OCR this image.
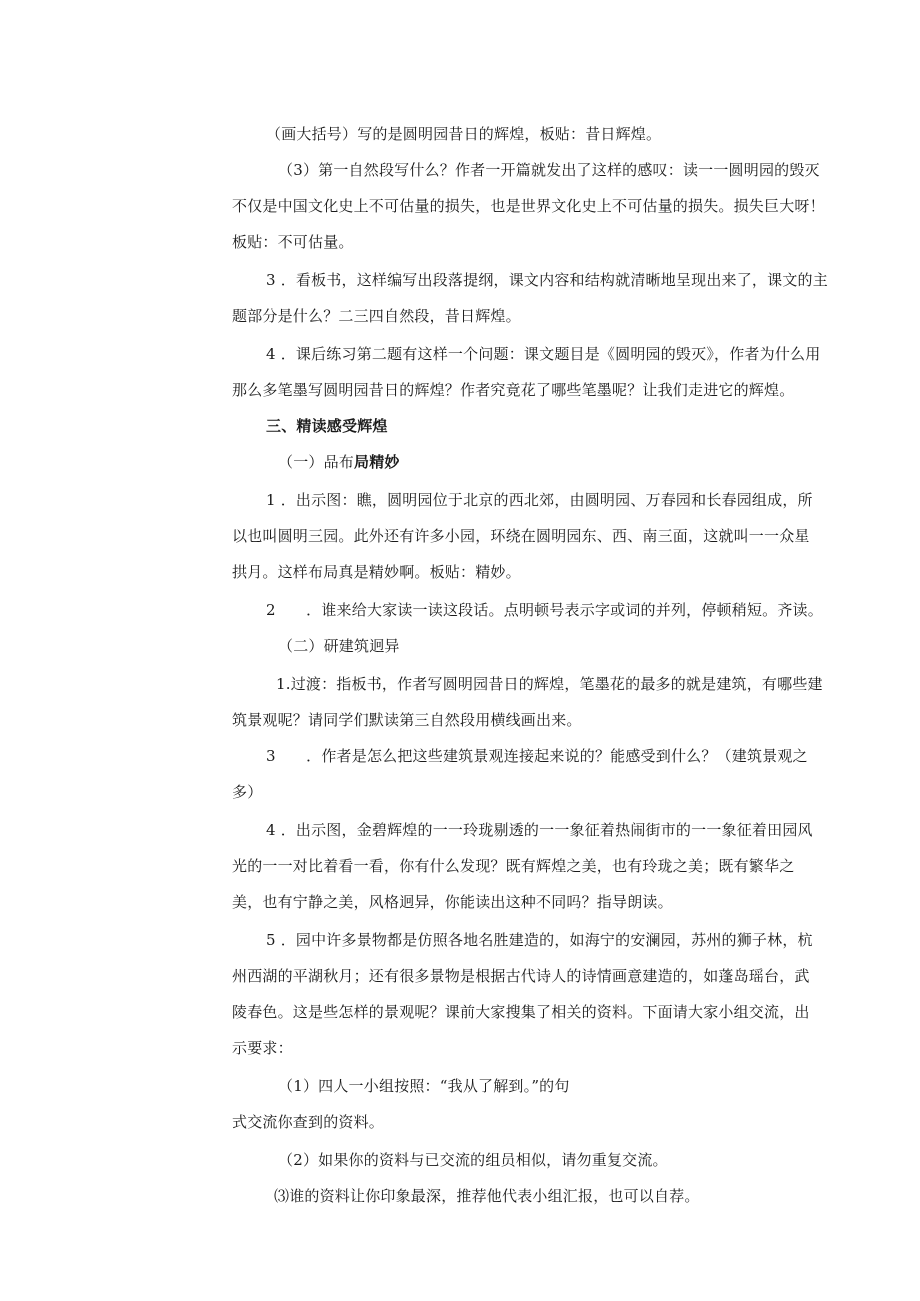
（画大括号）写的是圆明园昔日的辉煌，板贴：昔日辉煌。
（3）第一自然段写什么？作者一开篇就发出了这样的感叹：读一一圆明园的毁灭
不仅是中国文化史上不可估量的损失，也是世界文化史上不可估量的损失。损失巨大呀！
板贴：不可估量。
3 ．看板书，这样编写出段落提纲，课文内容和结构就清晰地呈现出来了，课文的主
题部分是什么？二三四自然段，昔日辉煌。
4 ．课后练习第二题有这样一个问题：课文题目是《圆明园的毁灭》，作者为什么用
那么多笔墨写圆明园昔日的辉煌？作者究竟花了哪些笔墨呢？让我们走进它的辉煌。
三、精读感受辉煌
（一）品布局精妙
1 ．出示图：瞧，圆明园位于北京的西北郊，由圆明园、万春园和长春园组成，所
以也叫圆明三园。此外还有许多小园，环绕在圆明园东、西、南三面，这就叫一一众星
拱月。这样布局真是精妙啊。板贴：精妙。
2　　．谁来给大家读一读这段话。点明顿号表示字或词的并列，停顿稍短。齐读。
（二）研建筑迥异
1.过渡：指板书，作者写圆明园昔日的辉煌，笔墨花的最多的就是建筑，有哪些建
筑景观呢？请同学们默读第三自然段用横线画出来。
3　　．作者是怎么把这些建筑景观连接起来说的？能感受到什么？（建筑景观之
多）
4 ．出示图，金碧辉煌的一一玲珑剔透的一一象征着热闹街市的一一象征着田园风
光的一一对比着看一看，你有什么发现？既有辉煌之美，也有玲珑之美；既有繁华之
美，也有宁静之美，风格迥异，你能读出这种不同吗？指导朗读。
5 ．园中许多景物都是仿照各地名胜建造的，如海宁的安澜园，苏州的狮子林，杭
州西湖的平湖秋月；还有很多景物是根据古代诗人的诗情画意建造的，如蓬岛瑶台，武
陵春色。这是些怎样的景观呢？课前大家搜集了相关的资料。下面请大家小组交流，出
示要求：
（1）四人一小组按照：“我从了解到。”的句
式交流你查到的资料。
（2）如果你的资料与已交流的组员相似，请勿重复交流。
⑶谁的资料让你印象最深，推荐他代表小组汇报，也可以自荐。
